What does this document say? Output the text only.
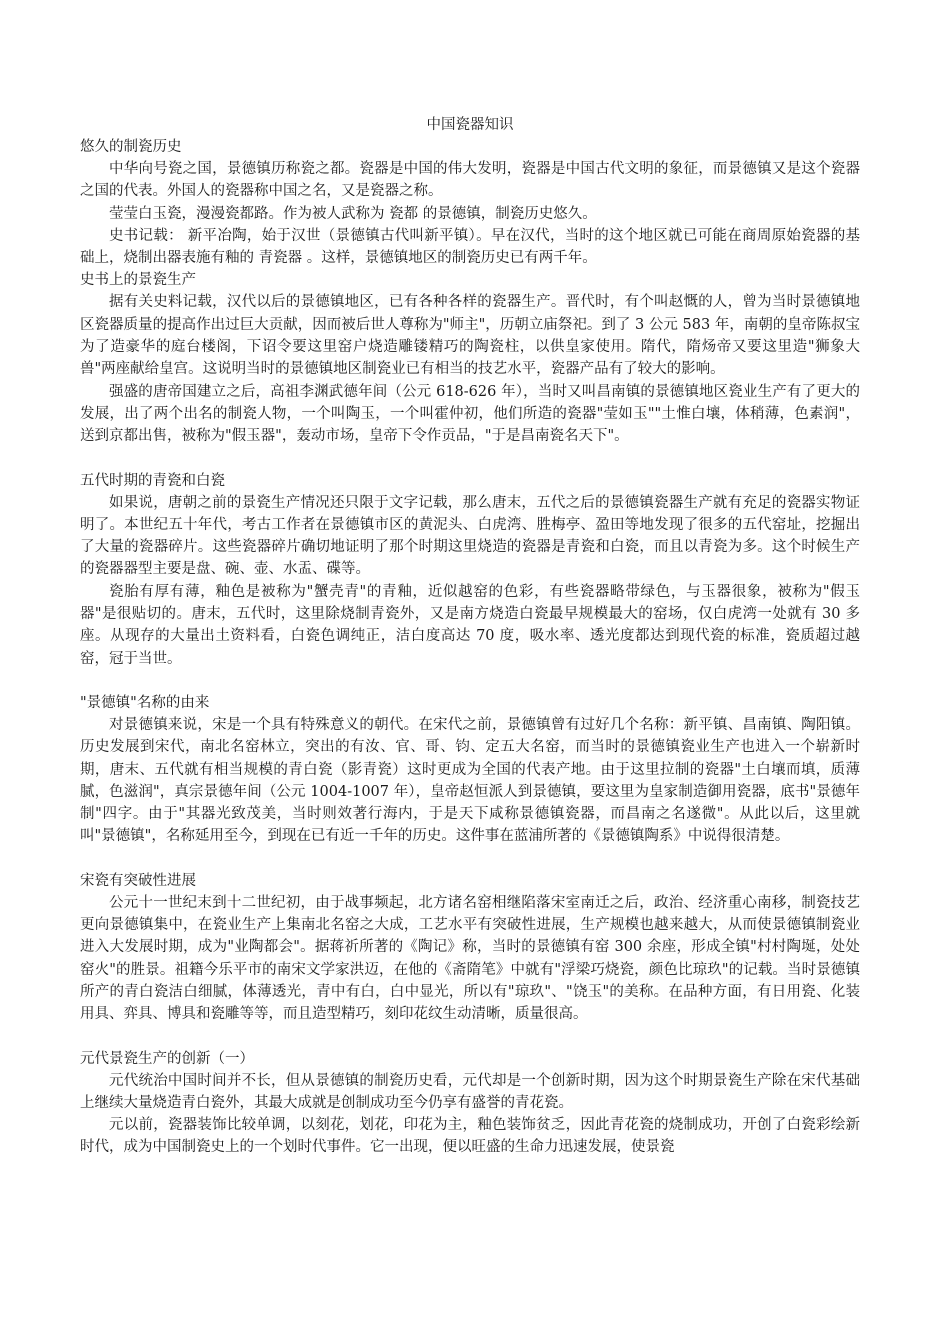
中国瓷器知识
悠久的制瓷历史

中华向号瓷之国，景德镇历称瓷之都。瓷器是中国的伟大发明，瓷器是中国古代文明的象征，而景德镇又是这个瓷器之国的代表。外国人的瓷器称中国之名，又是瓷器之称。

莹莹白玉瓷，漫漫瓷都路。作为被人武称为 瓷都 的景德镇，制瓷历史悠久。

史书记载： 新平冶陶，始于汉世（景德镇古代叫新平镇）。早在汉代，当时的这个地区就已可能在商周原始瓷器的基础上，烧制出器表施有釉的 青瓷器 。这样，景德镇地区的制瓷历史已有两千年。

史书上的景瓷生产

据有关史料记载，汉代以后的景德镇地区，已有各种各样的瓷器生产。晋代时，有个叫赵慨的人，曾为当时景德镇地区瓷器质量的提高作出过巨大贡献，因而被后世人尊称为"师主"，历朝立庙祭祀。到了 3 公元 583 年，南朝的皇帝陈叔宝为了造豪华的庭台楼阁，下诏令要这里窑户烧造雕镂精巧的陶瓷柱，以供皇家使用。隋代，隋炀帝又要这里造"狮象大兽"两座献给皇宫。这说明当时的景德镇地区制瓷业已有相当的技艺水平，瓷器产品有了较大的影响。

强盛的唐帝国建立之后，高祖李渊武德年间（公元 618-626 年），当时又叫昌南镇的景德镇地区瓷业生产有了更大的发展，出了两个出名的制瓷人物，一个叫陶玉，一个叫霍仲初，他们所造的瓷器"莹如玉""土惟白壤，体稍薄，色素润"，送到京都出售，被称为"假玉器"，轰动市场，皇帝下令作贡品，"于是昌南瓷名天下"。

五代时期的青瓷和白瓷

如果说，唐朝之前的景瓷生产情况还只限于文字记载，那么唐末，五代之后的景德镇瓷器生产就有充足的瓷器实物证明了。本世纪五十年代，考古工作者在景德镇市区的黄泥头、白虎湾、胜梅亭、盈田等地发现了很多的五代窑址，挖掘出了大量的瓷器碎片。这些瓷器碎片确切地证明了那个时期这里烧造的瓷器是青瓷和白瓷，而且以青瓷为多。这个时候生产的瓷器器型主要是盘、碗、壶、水盂、碟等。

瓷胎有厚有薄，釉色是被称为"蟹壳青"的青釉，近似越窑的色彩，有些瓷器略带绿色，与玉器很象，被称为"假玉器"是很贴切的。唐末，五代时，这里除烧制青瓷外，又是南方烧造白瓷最早规模最大的窑场，仅白虎湾一处就有 30 多座。从现存的大量出土资料看，白瓷色调纯正，洁白度高达 70 度，吸水率、透光度都达到现代瓷的标准，瓷质超过越窑，冠于当世。

"景德镇"名称的由来

对景德镇来说，宋是一个具有特殊意义的朝代。在宋代之前，景德镇曾有过好几个名称：新平镇、昌南镇、陶阳镇。历史发展到宋代，南北名窑林立，突出的有汝、官、哥、钧、定五大名窑，而当时的景德镇瓷业生产也进入一个崭新时期，唐末、五代就有相当规模的青白瓷（影青瓷）这时更成为全国的代表产地。由于这里拉制的瓷器"土白壤而填，质薄腻，色滋润"，真宗景德年间（公元 1004-1007 年），皇帝赵恒派人到景德镇，要这里为皇家制造御用瓷器，底书"景德年制"四字。由于"其器光致茂美，当时则效著行海内，于是天下咸称景德镇瓷器，而昌南之名遂微"。从此以后，这里就叫"景德镇"，名称延用至今，到现在已有近一千年的历史。这件事在蓝浦所著的《景德镇陶系》中说得很清楚。

宋瓷有突破性进展

公元十一世纪末到十二世纪初，由于战事频起，北方诸名窑相继陷落宋室南迁之后，政治、经济重心南移，制瓷技艺更向景德镇集中，在瓷业生产上集南北名窑之大成，工艺水平有突破性进展，生产规模也越来越大，从而使景德镇制瓷业进入大发展时期，成为"业陶都会"。据蒋祈所著的《陶记》称，当时的景德镇有窑 300 余座，形成全镇"村村陶埏，处处窑火"的胜景。祖籍今乐平市的南宋文学家洪迈，在他的《斋隋笔》中就有"浮梁巧烧瓷，颜色比琼玖"的记载。当时景德镇所产的青白瓷洁白细腻，体薄透光，青中有白，白中显光，所以有"琼玖"、"饶玉"的美称。在品种方面，有日用瓷、化装用具、弈具、博具和瓷雕等等，而且造型精巧，刻印花纹生动清晰，质量很高。

元代景瓷生产的创新（一）

元代统治中国时间并不长，但从景德镇的制瓷历史看，元代却是一个创新时期，因为这个时期景瓷生产除在宋代基础上继续大量烧造青白瓷外，其最大成就是创制成功至今仍享有盛誉的青花瓷。

元以前，瓷器装饰比较单调，以刻花，划花，印花为主，釉色装饰贫乏，因此青花瓷的烧制成功，开创了白瓷彩绘新时代，成为中国制瓷史上的一个划时代事件。它一出现，便以旺盛的生命力迅速发展，使景瓷
